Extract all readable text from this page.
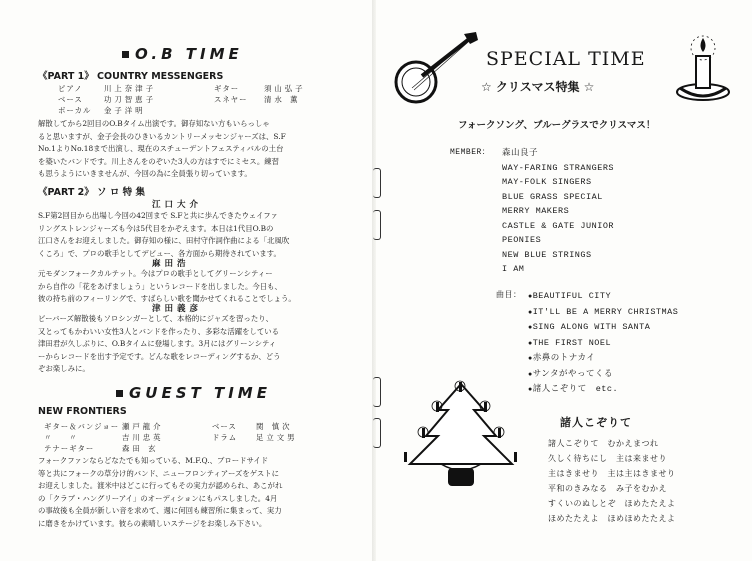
O.B TIME
《PART 1》 COUNTRY MESSENGERS
ピアノ	川上奈津子	ギター	須山弘子
ベース	功刀智恵子	スネヤー	清水 薫
ボーカル	金子洋明
解散してから2回目のO.Bタイム出演です。御存知ない方もいらっしゃ
ると思いますが、金子会長のひきいるカントリーメッセンジャーズは、S.F
No.1よりNo.18まで出演し、現在のスチューデントフェスティバルの土台
を築いたバンドです。川上さんをのぞいた3人の方はすでにミセス。練習
も思うようにいきませんが、今回の為に全員張り切っています。
《PART 2》 ソ ロ 特 集
江口大介
S.F第2回目から出場し今回の42回まで S.Fと共に歩んできたウェイファ
リングストレンジャーズも今は5代目をかぞえます。本日は1代目O.Bの
江口さんをお迎えしました。御存知の様に、田村守作詞作曲による「北風吹
くころ」で、プロの歌手としてデビュー、各方面から期待されています。
麻田浩
元モダンフォークカルテット。今はプロの歌手としてグリーンシティー
から自作の「花をあげましょう」というレコードを出しました。今日も、
彼の持ち前のフィーリングで、すばらしい歌を聞かせてくれることでしょう。
津田義彦
ビーバーズ解散後もソロシンガーとして、本格的にジャズを習ったり、
又とってもかわいい女性3人とバンドを作ったり、多彩な活躍をしている
津田君が久しぶりに、O.Bタイムに登場します。3月にはグリーンシティ
ーからレコードを出す予定です。どんな歌をレコーディングするか、どう
ぞお楽しみに。
GUEST TIME
NEW FRONTIERS
ギター＆バンジョー 瀬戸龍介	ベース	関 慎次
〃　　〃	吉川忠英	ドラム	足立文男
テナーギター	森田 玄
フォークファンならどなたでも知っている、M.F.Q.、ブロードサイド
等と共にフォークの草分け的バンド、ニューフロンティアーズをゲストに
お迎えしました。渡米中はどこに行ってもその実力が認められ、あこがれ
の「クラブ・ハングリーアイ」のオーディションにもパスしました。4月
の事故後も全員が新しい音を求めて、週に何回も練習所に集まって、実力
に磨きをかけています。彼らの素晴しいステージをお楽しみ下さい。
SPECIAL TIME
☆ クリスマス特集 ☆
フォークソング、ブルーグラスでクリスマス！
MEMBER： 森山良子
WAY-FARING STRANGERS
MAY-FOLK SINGERS
BLUE GRASS SPECIAL
MERRY MAKERS
CASTLE & GATE JUNIOR
PEONIES
NEW BLUE STRINGS
I AM
曲目： ●BEAUTIFUL CITY
●IT'LL BE A MERRY CHRISTMAS
●SING ALONG WITH SANTA
●THE FIRST NOEL
●赤鼻のトナカイ
●サンタがやってくる
●諸人こぞりて　etc.
諸人こぞりて
諸人こぞりて　むかえまつれ
久しく待ちにし　主は来ませり
主はきませり　主は主はきませり
平和のきみなる　み子をむかえ
すくいのぬしとぞ　ほめたたえよ
ほめたたえよ　ほめほめたたえよ
